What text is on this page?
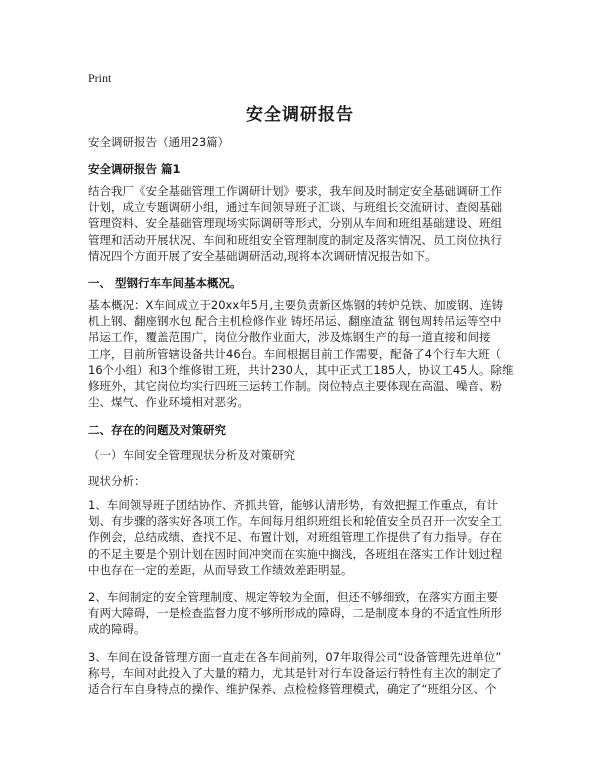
Print
安全调研报告
安全调研报告（通用23篇）
安全调研报告 篇1
结合我厂《安全基础管理工作调研计划》要求，我车间及时制定安全基础调研工作
计划，成立专题调研小组，通过车间领导班子汇谈、与班组长交流研讨、查阅基础
管理资料、安全基础管理现场实际调研等形式，分别从车间和班组基础建设、班组
管理和活动开展状况、车间和班组安全管理制度的制定及落实情况、员工岗位执行
情况四个方面开展了安全基础调研活动,现将本次调研情况报告如下。
一、 型钢行车车间基本概况。
基本概况：X车间成立于20xx年5月,主要负责新区炼钢的转炉兑铁、加废钢、连铸
机上钢、翻座钢水包 配合主机检修作业 铸坯吊运、翻座渣盆 钢包周转吊运等空中
吊运工作，覆盖范围广，岗位分散作业面大，涉及炼钢生产的每一道直接和间接
工序，目前所管辖设备共计46台。车间根据目前工作需要，配备了4个行车大班（
16个小组）和3个维修钳工班，共计230人，其中正式工185人，协议工45人。除维
修班外，其它岗位均实行四班三运转工作制。岗位特点主要体现在高温、噪音、粉
尘、煤气、作业环境相对恶劣。
二、存在的问题及对策研究
（一）车间安全管理现状分析及对策研究
现状分析：
1、车间领导班子团结协作、齐抓共管，能够认清形势，有效把握工作重点，有计
划、有步骤的落实好各项工作。车间每月组织班组长和轮值安全员召开一次安全工
作例会，总结成绩、查找不足、布置计划，对班组管理工作提供了有力指导。存在
的不足主要是个别计划在因时间冲突而在实施中搁浅，各班组在落实工作计划过程
中也存在一定的差距，从而导致工作绩效差距明显。
2、车间制定的安全管理制度、规定等较为全面，但还不够细致，在落实方面主要
有两大障碍，一是检查监督力度不够所形成的障碍，二是制度本身的不适宜性所形
成的障碍。
3、车间在设备管理方面一直走在各车间前列，07年取得公司“设备管理先进单位”
称号，车间对此投入了大量的精力，尤其是针对行车设备运行特性有主次的制定了
适合行车自身特点的操作、维护保养、点检检修管理模式，确定了“班组分区、个
